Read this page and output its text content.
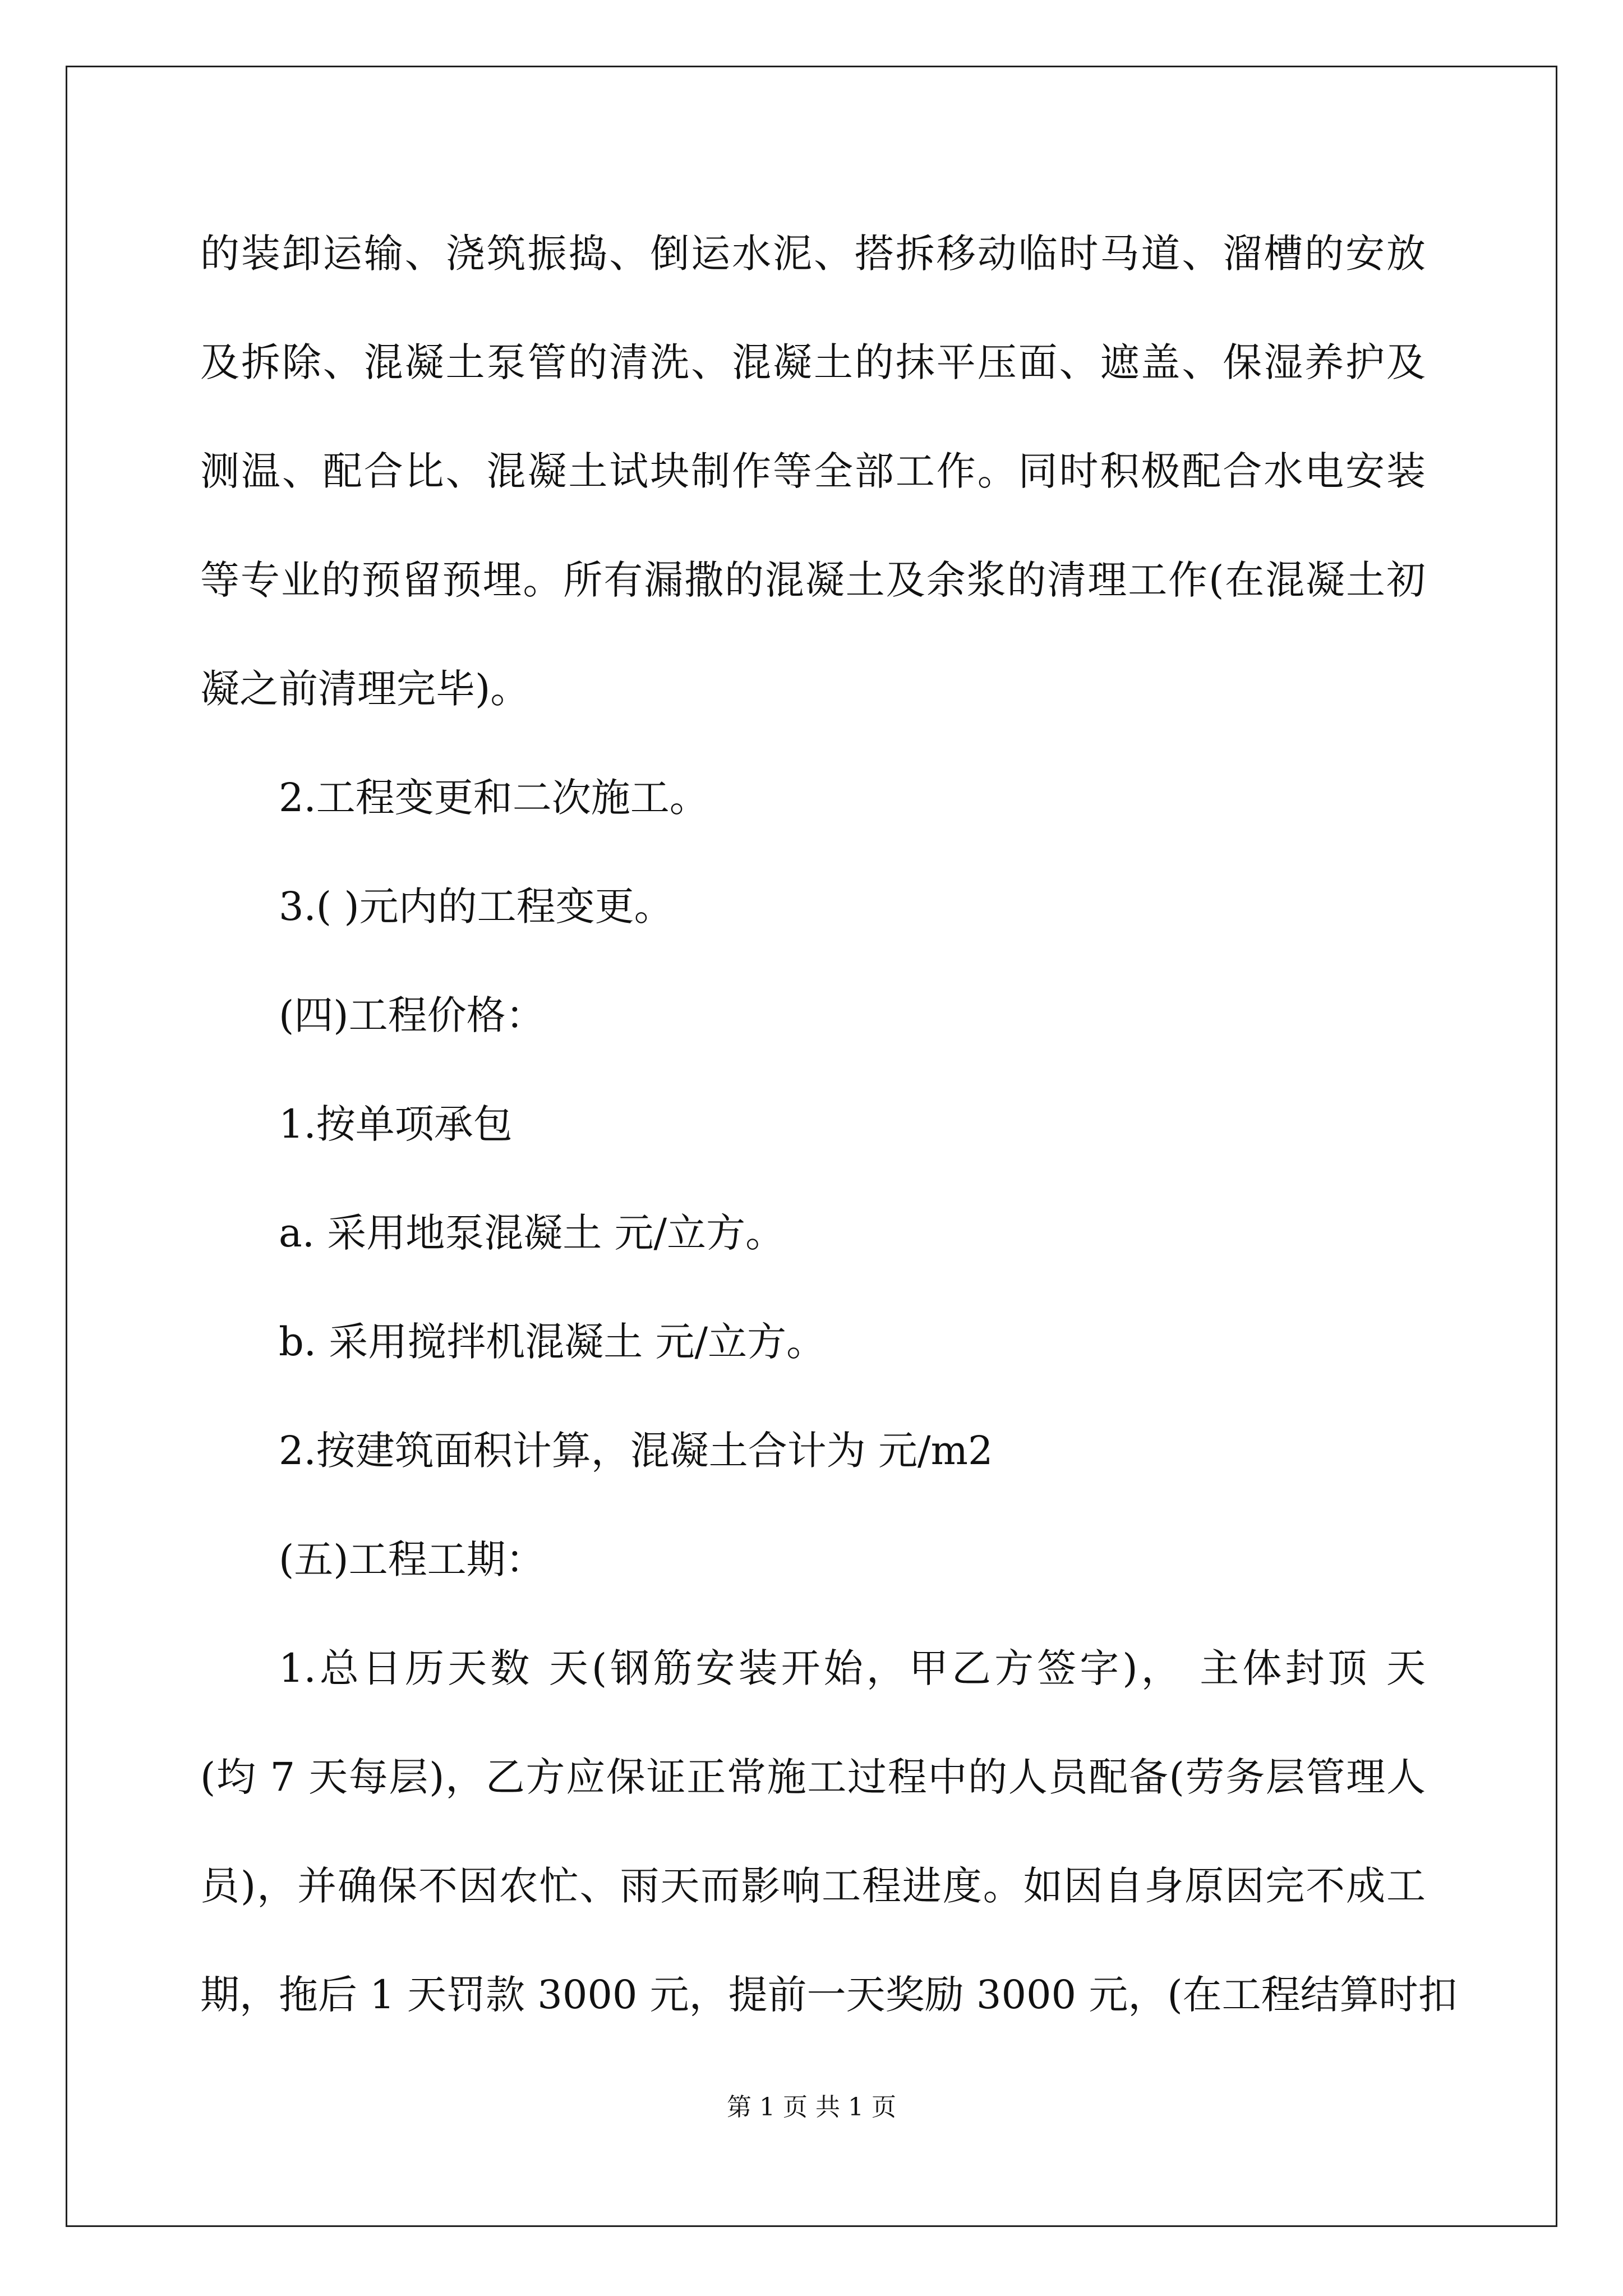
的装卸运输、浇筑振捣、倒运水泥、搭拆移动临时马道、溜槽的安放
及拆除、混凝土泵管的清洗、混凝土的抹平压面、遮盖、保湿养护及
测温、配合比、混凝土试块制作等全部工作。同时积极配合水电安装
等专业的预留预埋。所有漏撒的混凝土及余浆的清理工作(在混凝土初
凝之前清理完毕)。
2.工程变更和二次施工。
3.( )元内的工程变更。
(四)工程价格：
1.按单项承包
a. 采用地泵混凝土 元/立方。
b. 采用搅拌机混凝土 元/立方。
2.按建筑面积计算，混凝土合计为 元/m2
(五)工程工期：
1.总日历天数 天(钢筋安装开始，甲乙方签字)， 主体封顶 天
(均 7 天每层)，乙方应保证正常施工过程中的人员配备(劳务层管理人
员)，并确保不因农忙、雨天而影响工程进度。如因自身原因完不成工
期，拖后 1 天罚款 3000 元，提前一天奖励 3000 元，(在工程结算时扣
第 1 页 共 1 页
